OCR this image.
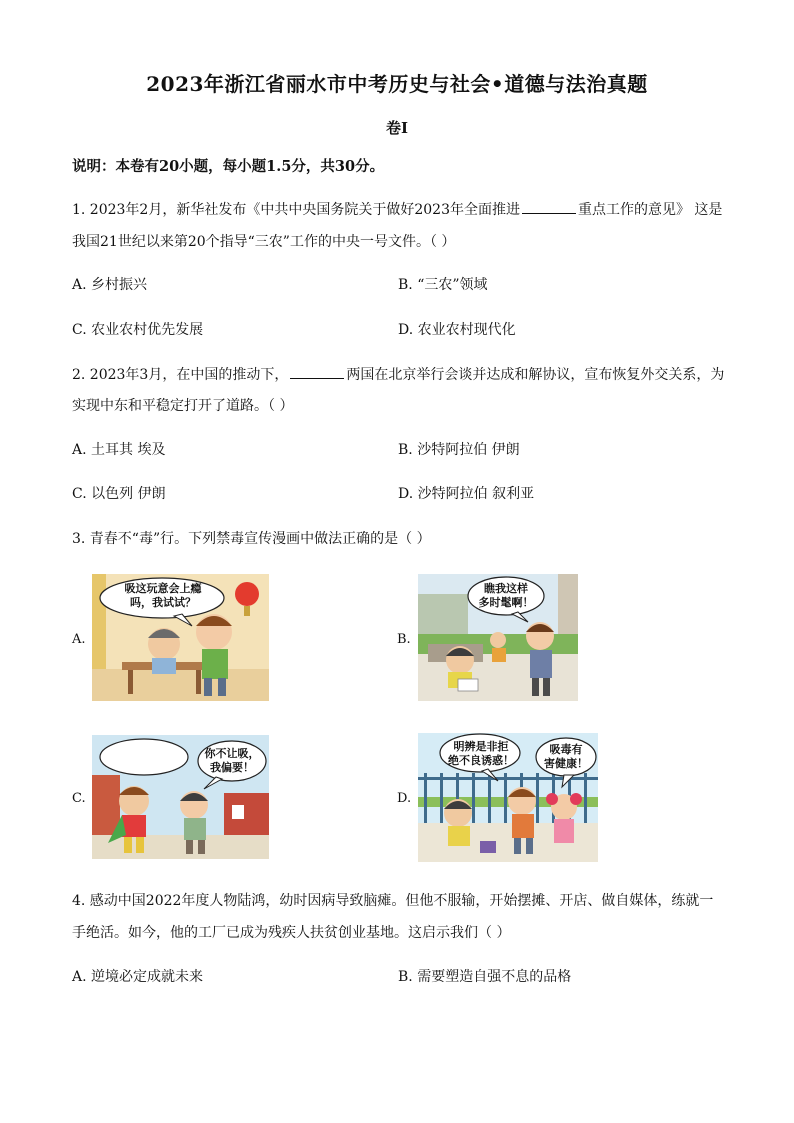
2023年浙江省丽水市中考历史与社会•道德与法治真题
卷I
说明：本卷有20小题，每小题1.5分，共30分。
1. 2023年2月，新华社发布《中共中央国务院关于做好2023年全面推进	重点工作的意见》 这是
我国21世纪以来第20个指导“三农”工作的中央一号文件。（ ）
A. 乡村振兴	B. “三农”领域
C. 农业农村优先发展	D. 农业农村现代化
2. 2023年3月，在中国的推动下，	两国在北京举行会谈并达成和解协议，宣布恢复外交关系，为
实现中东和平稳定打开了道路。（ ）
A. 土耳其 埃及	B. 沙特阿拉伯 伊朗
C. 以色列 伊朗	D. 沙特阿拉伯 叙利亚
3. 青春不“毒”行。下列禁毒宣传漫画中做法正确的是（ ）
A.	B.
C.	D.
吸这玩意会上瘾
吗，我试试？
瞧我这样
多时髦啊！
你不让吸，
我偏要！
明辨是非拒
绝不良诱惑！
吸毒有
害健康！
4. 感动中国2022年度人物陆鸿，幼时因病导致脑瘫。但他不服输，开始摆摊、开店、做自媒体，练就一
手绝活。如今，他的工厂已成为残疾人扶贫创业基地。这启示我们（ ）
A. 逆境必定成就未来	B. 需要塑造自强不息的品格
